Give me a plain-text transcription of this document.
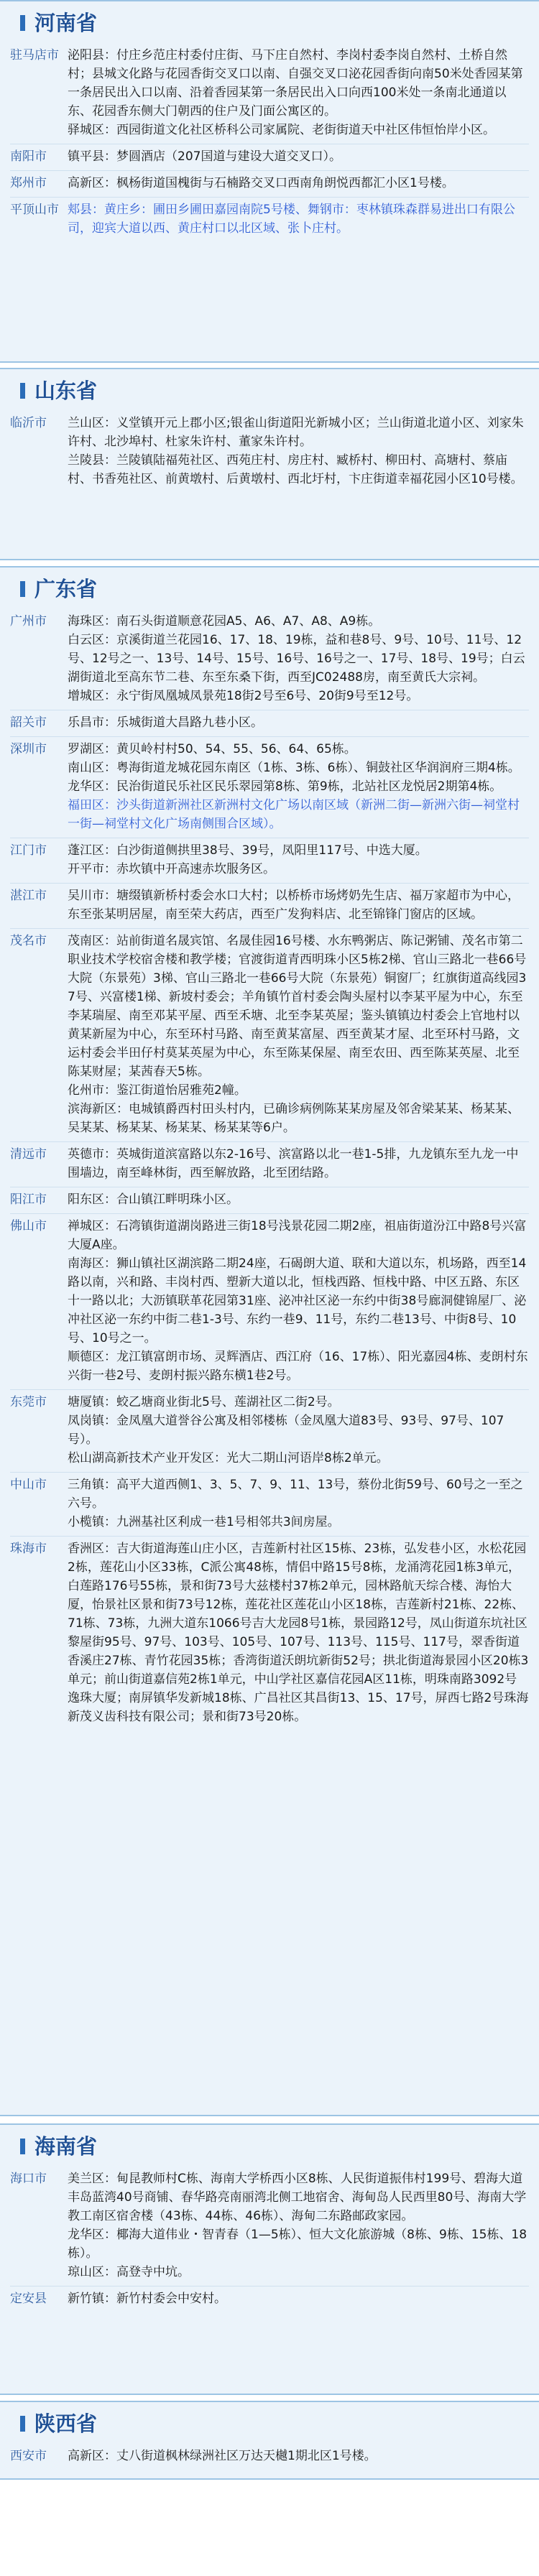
河南省
驻马店市 泌阳县：付庄乡范庄村委付庄街、马下庄自然村、李岗村委李岗自然村、土桥自然村；县城文化路与花园香街交叉口以南、自强交叉口泌花园香街向南50米处香园某第一条居民出入口以南、沿着香园某第一条居民出入口向西100米处一条南北通道以东、花园香东侧大门朝西的住户及门面公寓区的。

驿城区：西园街道文化社区桥科公司家属院、老街街道天中社区伟恒怡岸小区。

南阳市	镇平县：梦圆酒店（207国道与建设大道交叉口）。

郑州市	高新区：枫杨街道国槐街与石楠路交叉口西南角朗悦西都汇小区1号楼。

平顶山市 郏县：黄庄乡：圃田乡圃田嘉园南院5号楼、舞钢市：枣林镇珠森群易进出口有限公司，迎宾大道以西、黄庄村口以北区域、张卜庄村。

山东省
临沂市	兰山区：义堂镇开元上郡小区;银雀山街道阳光新城小区；兰山街道北道小区、刘家朱许村、北沙埠村、杜家朱许村、董家朱许村。

兰陵县：兰陵镇陆福苑社区、西苑庄村、房庄村、臧桥村、柳田村、高塘村、蔡庙村、书香苑社区、前黄墩村、后黄墩村、西北圩村，卞庄街道幸福花园小区10号楼。

广东省
广州市	海珠区：南石头街道顺意花园A5、A6、A7、A8、A9栋。

白云区：京溪街道兰花园16、17、18、19栋，益和巷8号、9号、10号、11号、12号、12号之一、13号、14号、15号、16号、16号之一、17号、18号、19号；白云湖街道北至高东节二巷、东至东桑下街，西至JC02488房，南至黄氏大宗祠。

增城区：永宁街凤凰城凤景苑18街2号至6号、20街9号至12号。

韶关市	乐昌市：乐城街道大昌路九巷小区。

深圳市	罗湖区：黄贝岭村村50、54、55、56、64、65栋。

南山区：粤海街道龙城花园东南区（1栋、3栋、6栋）、铜鼓社区华润润府三期4栋。

龙华区：民治街道民乐社区民乐翠园第8栋、第9栋，北站社区龙悦居2期第4栋。

福田区：沙头街道新洲社区新洲村文化广场以南区域（新洲二街—新洲六街—祠堂村一街—祠堂村文化广场南侧围合区域）。

江门市	蓬江区：白沙街道侧拱里38号、39号，凤阳里117号、中选大厦。

开平市：赤坎镇中开高速赤坎服务区。

湛江市	吴川市：塘缀镇新桥村委会水口大村；以桥桥市场烤奶先生店、福万家超市为中心，东至张某明居屋，南至荣大药店，西至广发狗料店、北至锦锋门窗店的区域。

茂名市	茂南区：站前街道名晟宾馆、名晟佳园16号楼、水东鸭粥店、陈记粥铺、茂名市第二职业技术学校宿舍楼和教学楼；官渡街道青西明珠小区5栋2梯、官山三路北一巷66号大院（东景苑）3梯、官山三路北一巷66号大院（东景苑）铜窗厂；红旗街道高线园37号、兴富楼1梯、新坡村委会；羊角镇竹首村委会陶头屋村以李某平屋为中心，东至李某瑞屋、南至邓某平屋、西至禾塘、北至李某英屋；鉴头镇镇边村委会上官地村以黄某新屋为中心，东至环村马路、南至黄某富屋、西至黄某才屋、北至环村马路，文运村委会半田仔村莫某英屋为中心，东至陈某保屋、南至农田、西至陈某英屋、北至陈某财屋；某茜春天5栋。

化州市：鉴江街道怡居雅苑2幢。

滨海新区：电城镇爵西村田头村内，已确诊病例陈某某房屋及邻舍梁某某、杨某某、吴某某、杨某某、杨某某、杨某某等6户。

清远市	英德市：英城街道滨富路以东2-16号、滨富路以北一巷1-5排，九龙镇东至九龙一中围墙边，南至峰林街，西至解放路，北至团结路。

阳江市	阳东区：合山镇江畔明珠小区。

佛山市	禅城区：石湾镇街道湖岗路进三街18号浅景花园二期2座，祖庙街道汾江中路8号兴富大厦A座。

南海区：狮山镇社区湖滨路二期24座，石碣朗大道、联和大道以东，机场路，西至14路以南，兴和路、丰岗村西、塑新大道以北，恒栈西路、恒栈中路、中区五路、东区十一路以北；大沥镇联革花园第31座、泌冲社区泌一东约中街38号廊洞健锦屋厂、泌冲社区泌一东约中街二巷1-3号、东约一巷9、11号，东约二巷13号、中街8号、10号、10号之一。

顺德区：龙江镇富朗市场、灵辉酒店、西江府（16、17栋）、阳光嘉园4栋、麦朗村东兴街一巷2号、麦朗村振兴路东横1巷2号。

东莞市	塘厦镇：蛟乙塘商业街北5号、莲湖社区二街2号。

凤岗镇：金凤凰大道誉谷公寓及相邻楼栋（金凤凰大道83号、93号、97号、107号）。

松山湖高新技术产业开发区：光大二期山河语岸8栋2单元。

中山市	三角镇：高平大道西侧1、3、5、7、9、11、13号，蔡份北街59号、60号之一至之六号。

小榄镇：九洲基社区利成一巷1号相邻共3间房屋。

珠海市	香洲区：吉大街道海莲山庄小区，吉莲新村社区15栋、23栋，弘发巷小区，水松花园2栋，莲花山小区33栋，C派公寓48栋，情侣中路15号8栋，龙涌湾花园1栋3单元，白莲路176号55栋，景和街73号大兹楼村37栋2单元，园林路航天综合楼、海怡大厦，怡景社区景和街73号12栋，莲花社区莲花山小区18栋，吉莲新村21栋、22栋、71栋、73栋，九洲大道东1066号吉大龙园8号1栋，景园路12号，凤山街道东坑社区黎屋街95号、97号、103号、105号、107号、113号、115号、117号，翠香街道香溪庄27栋、青竹花园35栋；香湾街道沃朗坑新街52号；拱北街道海景园小区20栋3单元；前山街道嘉信苑2栋1单元，中山学社区嘉信花园A区11栋，明珠南路3092号逸珠大厦；南屏镇华发新城18栋、广昌社区其昌街13、15、17号，屏西七路2号珠海新茂义齿科技有限公司；景和街73号20栋。

海南省
海口市	美兰区：甸昆教师村C栋、海南大学桥西小区8栋、人民街道振伟村199号、碧海大道丰岛蓝湾40号商铺、春华路亮南丽湾北侧工地宿舍、海甸岛人民西里80号、海南大学教工南区宿舍楼（43栋、44栋、46栋）、海甸二东路邮政家园。

龙华区：椰海大道伟业・智青春（1—5栋）、恒大文化旅游城（8栋、9栋、15栋、18栋）。

琼山区：高登寺中坑。

定安县	新竹镇：新竹村委会中安村。

陕西省
西安市	高新区：丈八街道枫林绿洲社区万达天樾1期北区1号楼。
